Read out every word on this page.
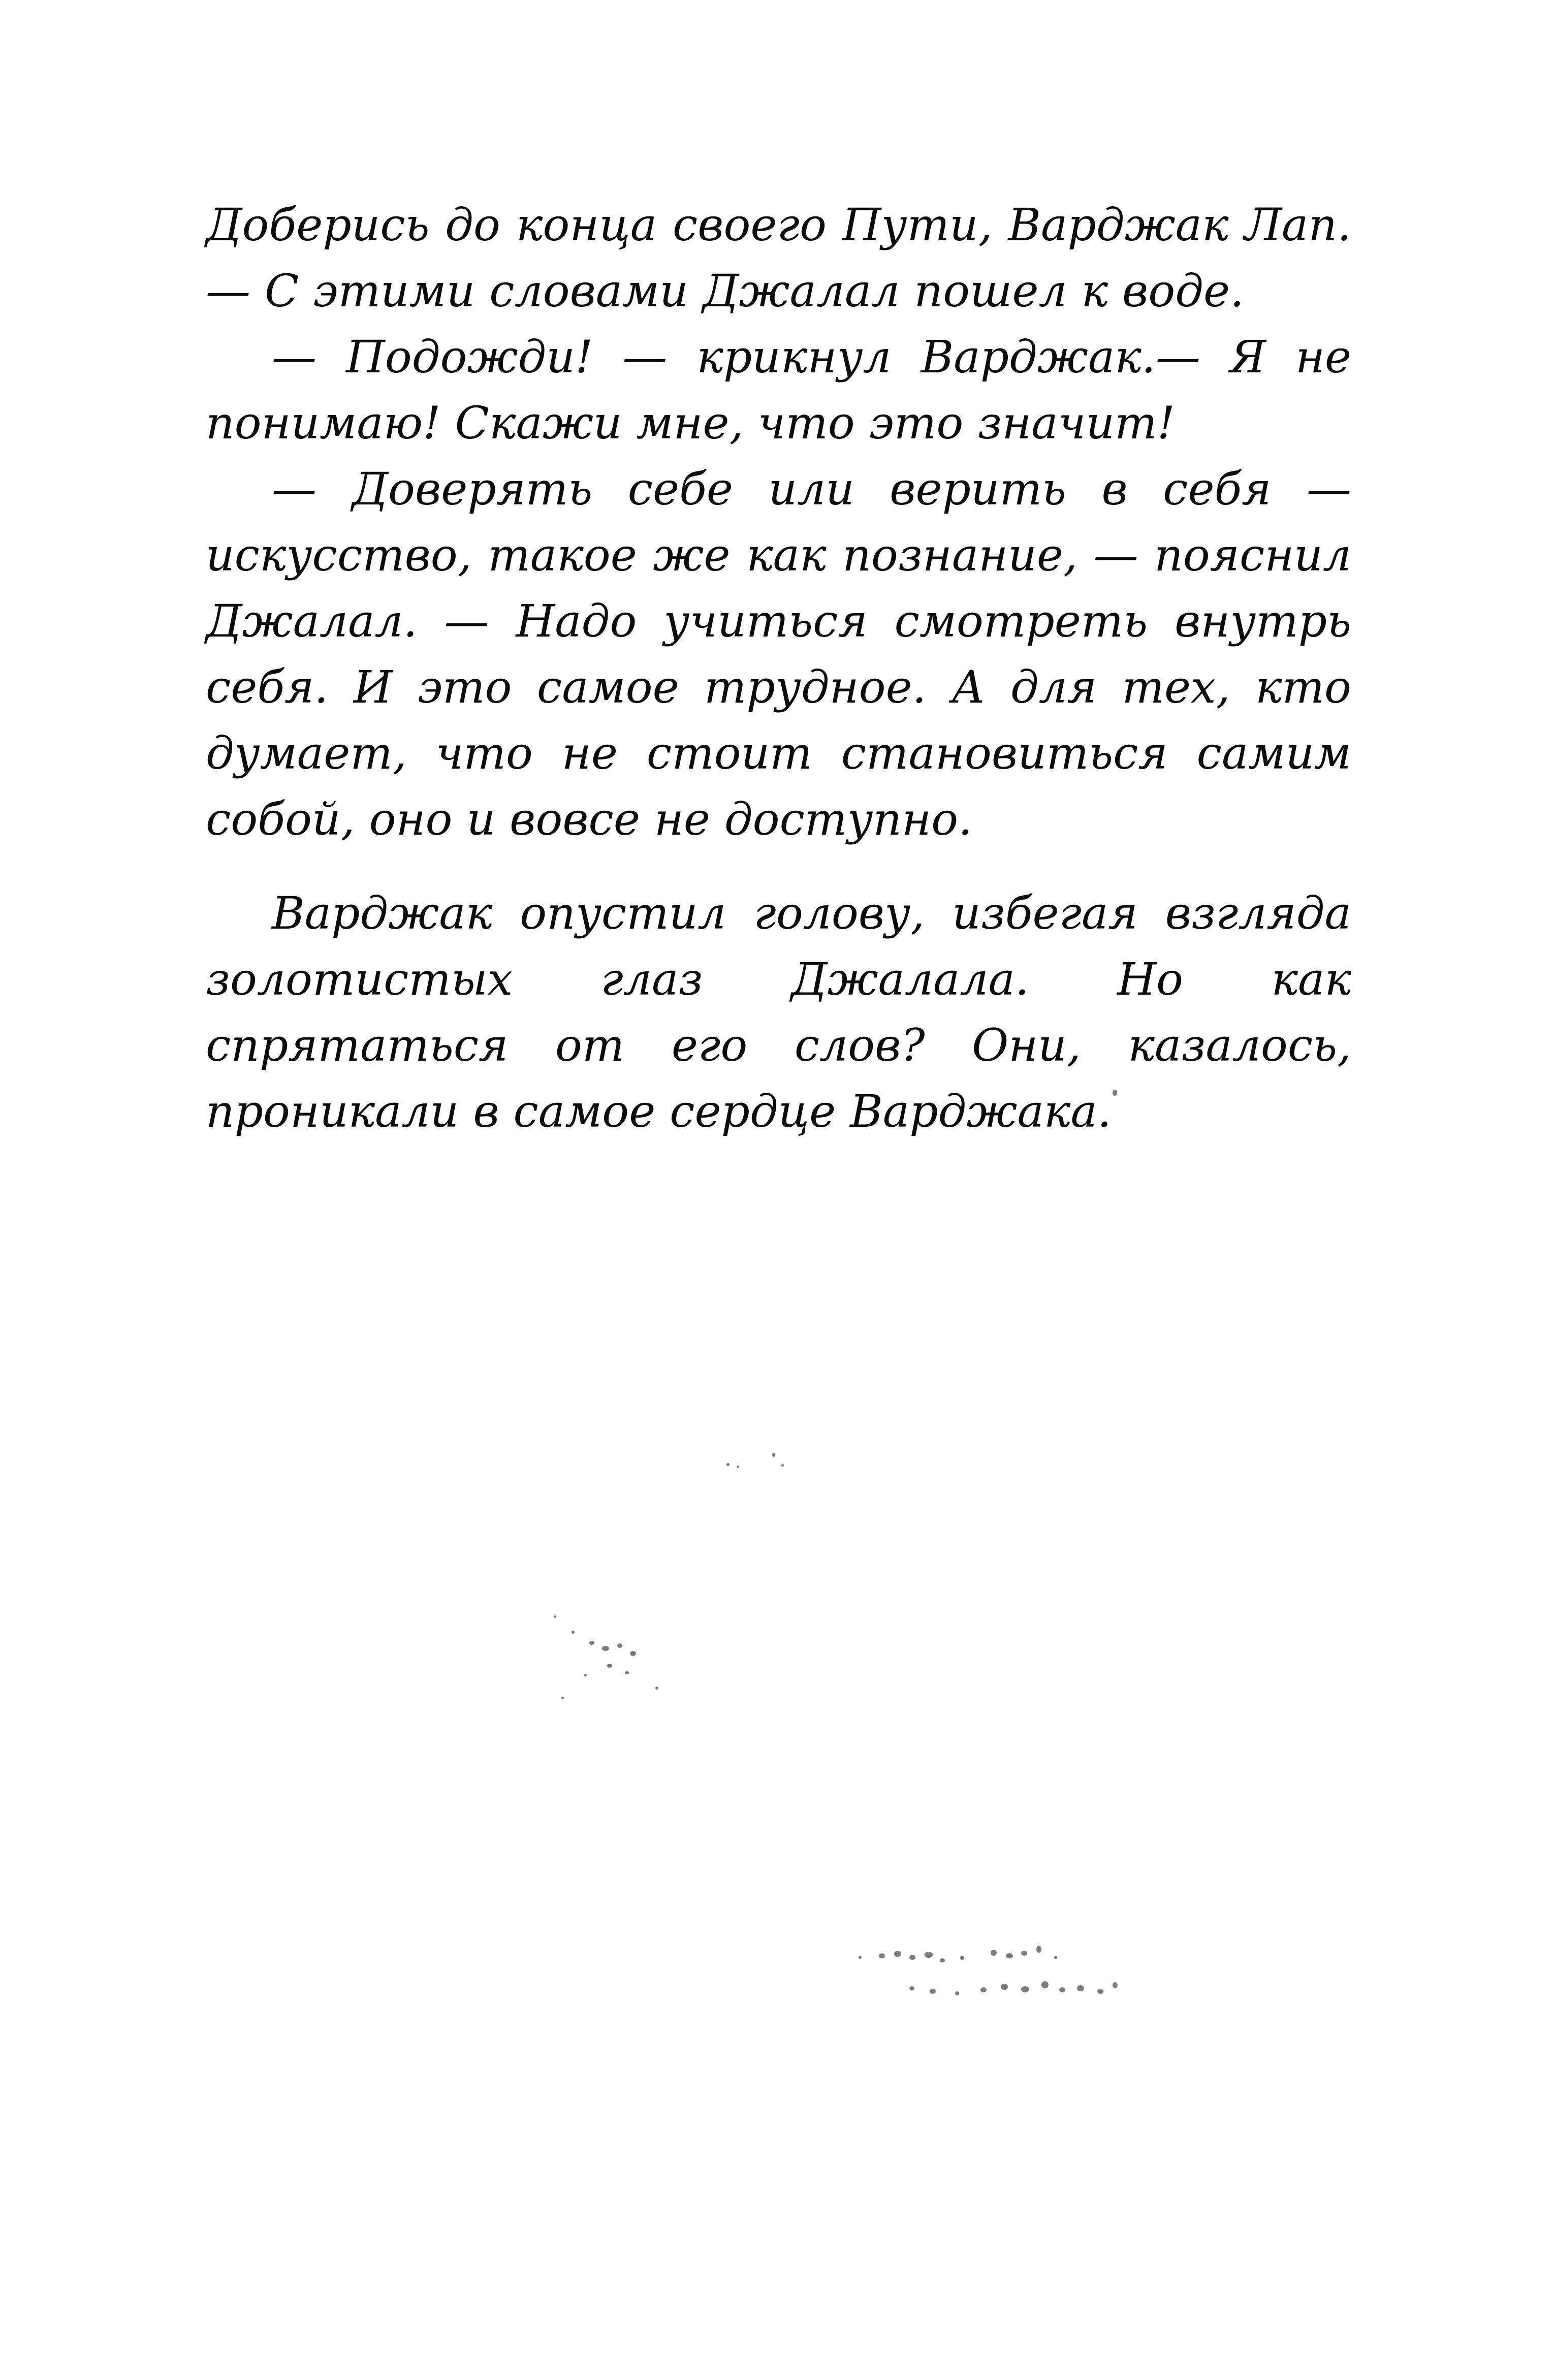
Доберись до конца своего Пути, Варджак Лап.— С этими словами Джалал пошел к воде.

— Подожди! — крикнул Варджак.— Я не понимаю! Скажи мне, что это значит!

— Доверять себе или верить в себя — искусство, такое же как познание, — пояснил Джалал. — Надо учиться смотреть внутрь себя. И это самое трудное. А для тех, кто думает, что не стоит становиться самим собой, оно и вовсе не доступно.

Варджак опустил голову, избегая взгляда золотистых глаз Джалала. Но как спрятаться от его слов? Они, казалось, проникали в самое сердце Варджака.
